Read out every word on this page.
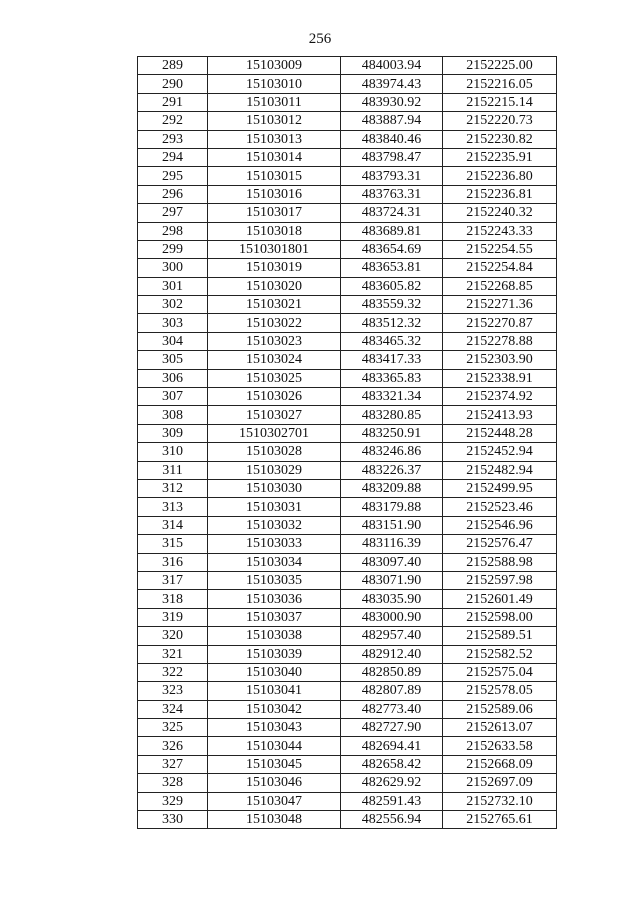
256
289	15103009	484003.94	2152225.00
290	15103010	483974.43	2152216.05
291	15103011	483930.92	2152215.14
292	15103012	483887.94	2152220.73
293	15103013	483840.46	2152230.82
294	15103014	483798.47	2152235.91
295	15103015	483793.31	2152236.80
296	15103016	483763.31	2152236.81
297	15103017	483724.31	2152240.32
298	15103018	483689.81	2152243.33
299	1510301801	483654.69	2152254.55
300	15103019	483653.81	2152254.84
301	15103020	483605.82	2152268.85
302	15103021	483559.32	2152271.36
303	15103022	483512.32	2152270.87
304	15103023	483465.32	2152278.88
305	15103024	483417.33	2152303.90
306	15103025	483365.83	2152338.91
307	15103026	483321.34	2152374.92
308	15103027	483280.85	2152413.93
309	1510302701	483250.91	2152448.28
310	15103028	483246.86	2152452.94
311	15103029	483226.37	2152482.94
312	15103030	483209.88	2152499.95
313	15103031	483179.88	2152523.46
314	15103032	483151.90	2152546.96
315	15103033	483116.39	2152576.47
316	15103034	483097.40	2152588.98
317	15103035	483071.90	2152597.98
318	15103036	483035.90	2152601.49
319	15103037	483000.90	2152598.00
320	15103038	482957.40	2152589.51
321	15103039	482912.40	2152582.52
322	15103040	482850.89	2152575.04
323	15103041	482807.89	2152578.05
324	15103042	482773.40	2152589.06
325	15103043	482727.90	2152613.07
326	15103044	482694.41	2152633.58
327	15103045	482658.42	2152668.09
328	15103046	482629.92	2152697.09
329	15103047	482591.43	2152732.10
330	15103048	482556.94	2152765.61
